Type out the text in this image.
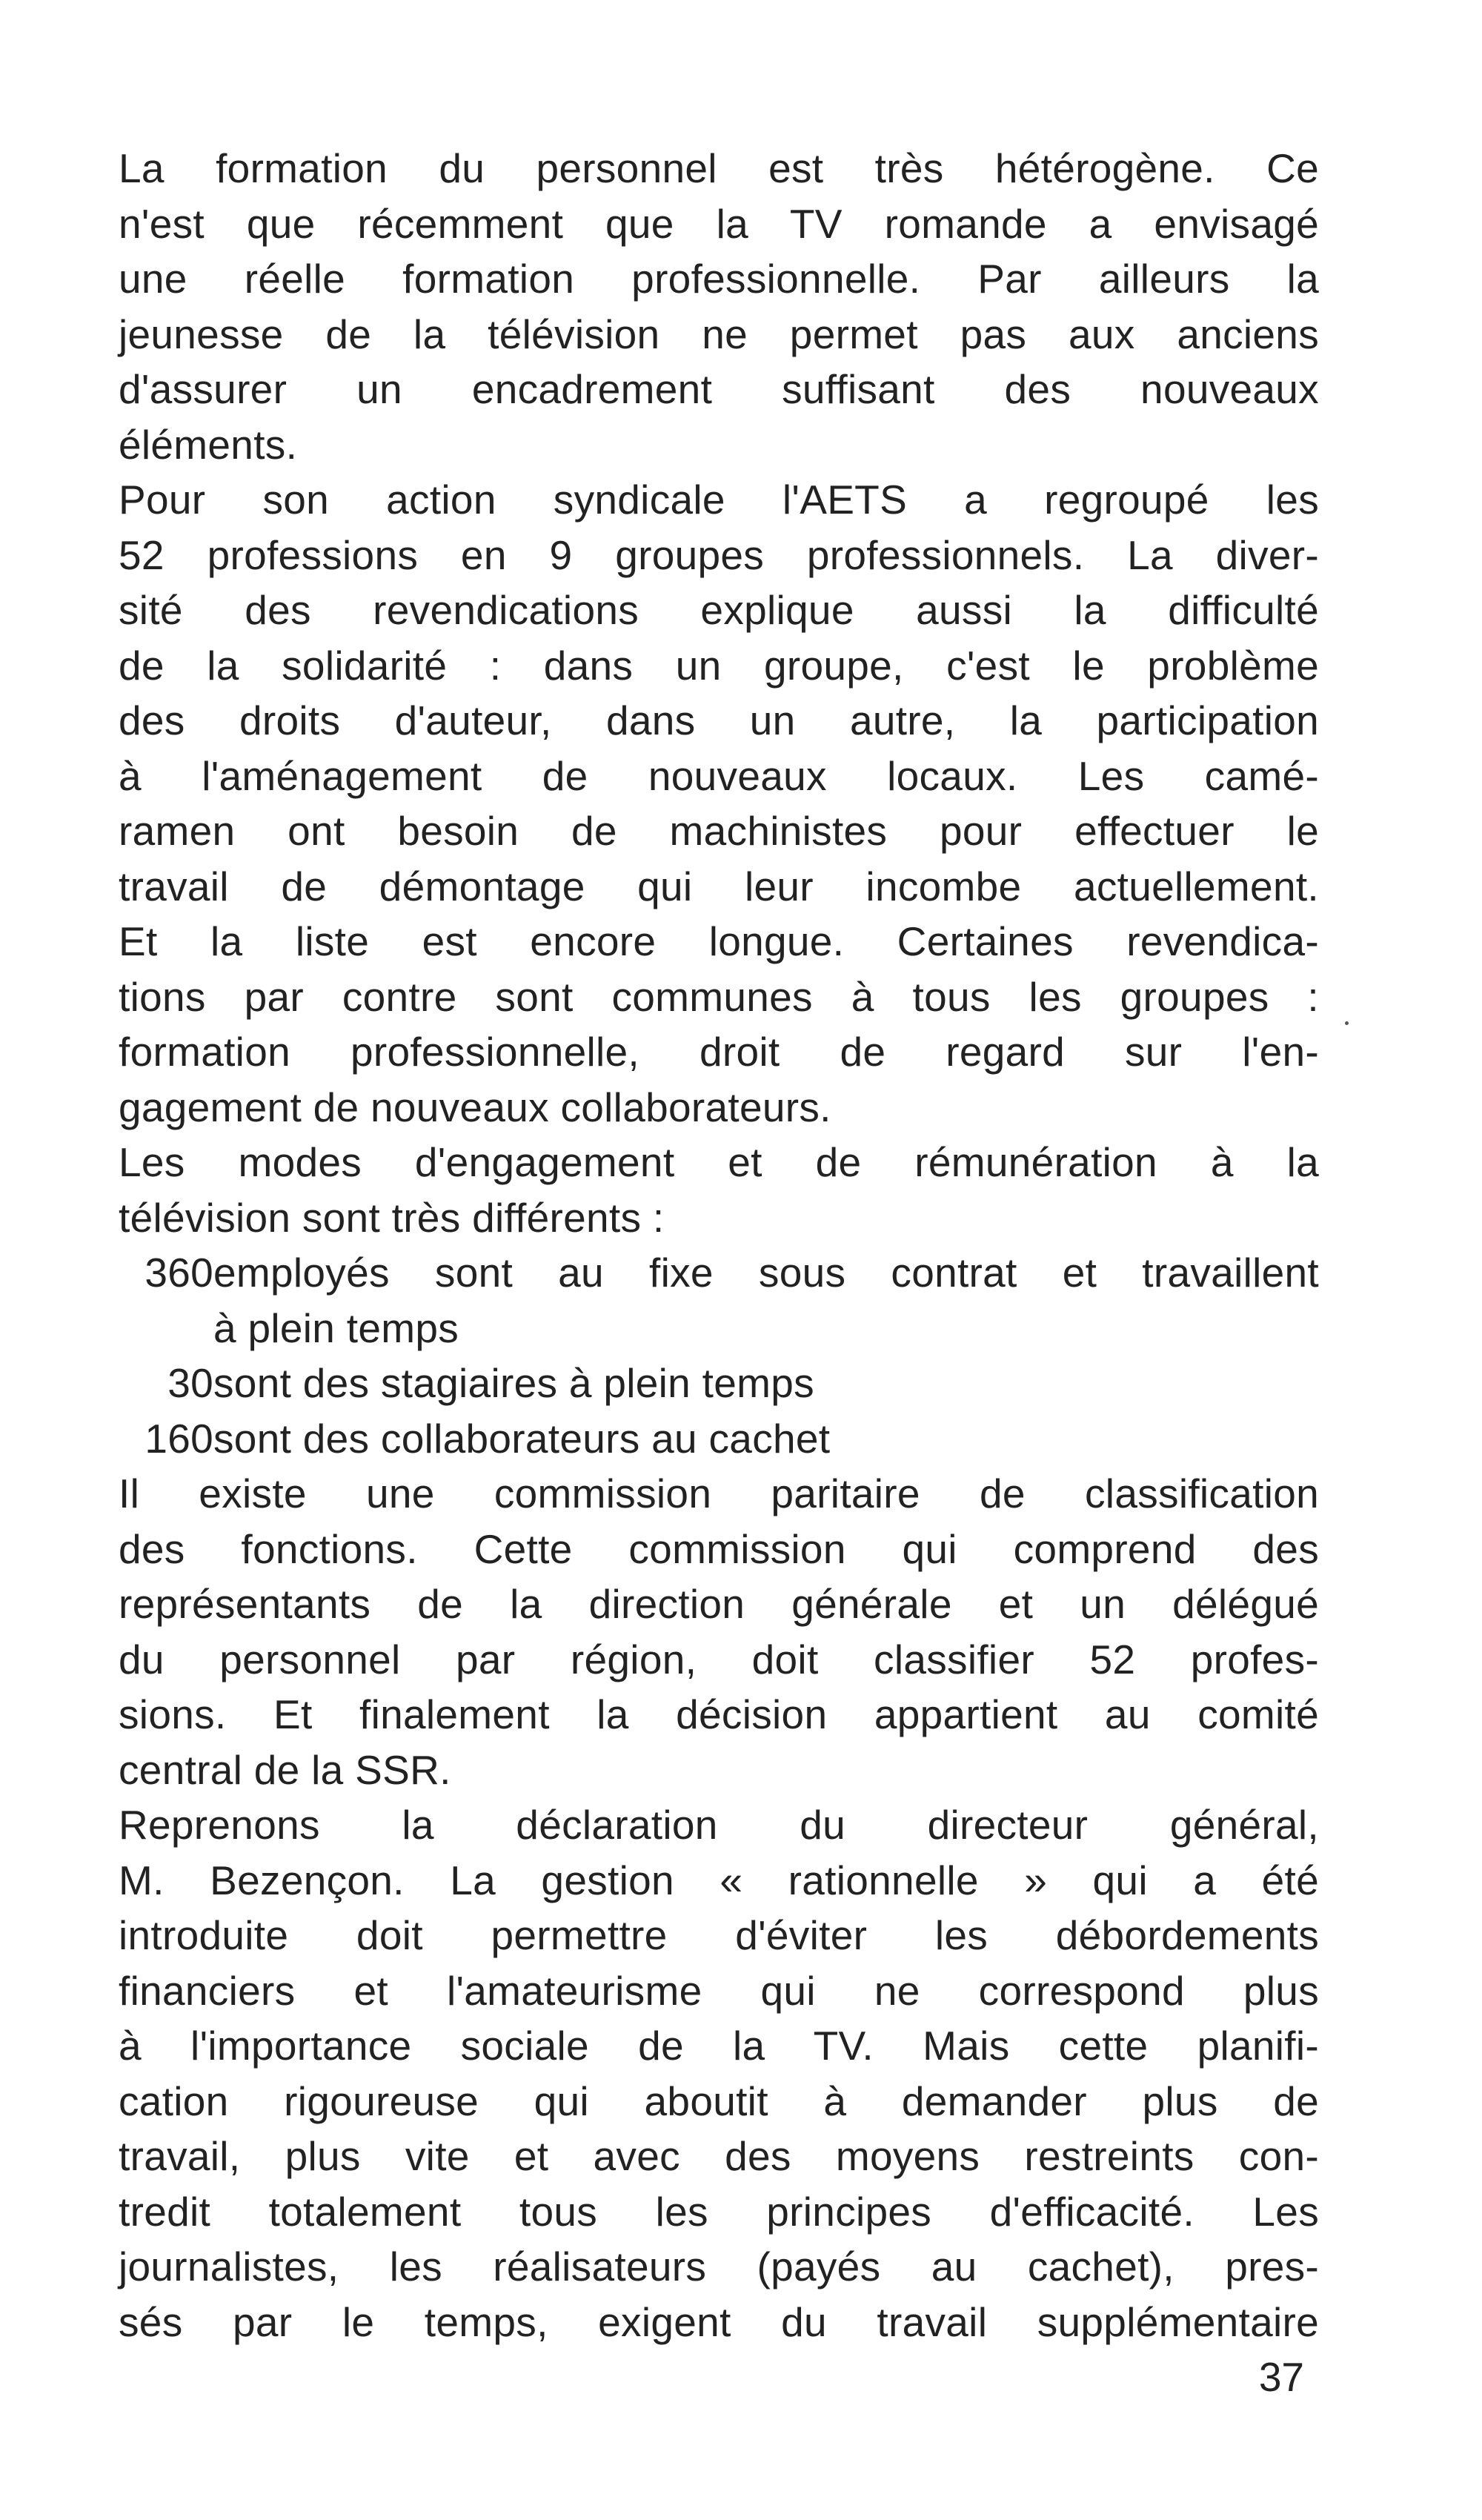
La formation du personnel est très hétérogène. Ce
n'est que récemment que la TV romande a envisagé
une réelle formation professionnelle. Par ailleurs la
jeunesse de la télévision ne permet pas aux anciens
d'assurer un encadrement suffisant des nouveaux
éléments.
Pour son action syndicale l'AETS a regroupé les
52 professions en 9 groupes professionnels. La diver-
sité des revendications explique aussi la difficulté
de la solidarité : dans un groupe, c'est le problème
des droits d'auteur, dans un autre, la participation
à l'aménagement de nouveaux locaux. Les camé-
ramen ont besoin de machinistes pour effectuer le
travail de démontage qui leur incombe actuellement.
Et la liste est encore longue. Certaines revendica-
tions par contre sont communes à tous les groupes :
formation professionnelle, droit de regard sur l'en-
gagement de nouveaux collaborateurs.
Les modes d'engagement et de rémunération à la
télévision sont très différents :
360employés sont au fixe sous contrat et travaillent
à plein temps
30sont des stagiaires à plein temps
160sont des collaborateurs au cachet
Il existe une commission paritaire de classification
des fonctions. Cette commission qui comprend des
représentants de la direction générale et un délégué
du personnel par région, doit classifier 52 profes-
sions. Et finalement la décision appartient au comité
central de la SSR.
Reprenons la déclaration du directeur général,
M. Bezençon. La gestion « rationnelle » qui a été
introduite doit permettre d'éviter les débordements
financiers et l'amateurisme qui ne correspond plus
à l'importance sociale de la TV. Mais cette planifi-
cation rigoureuse qui aboutit à demander plus de
travail, plus vite et avec des moyens restreints con-
tredit totalement tous les principes d'efficacité. Les
journalistes, les réalisateurs (payés au cachet), pres-
sés par le temps, exigent du travail supplémentaire
37
